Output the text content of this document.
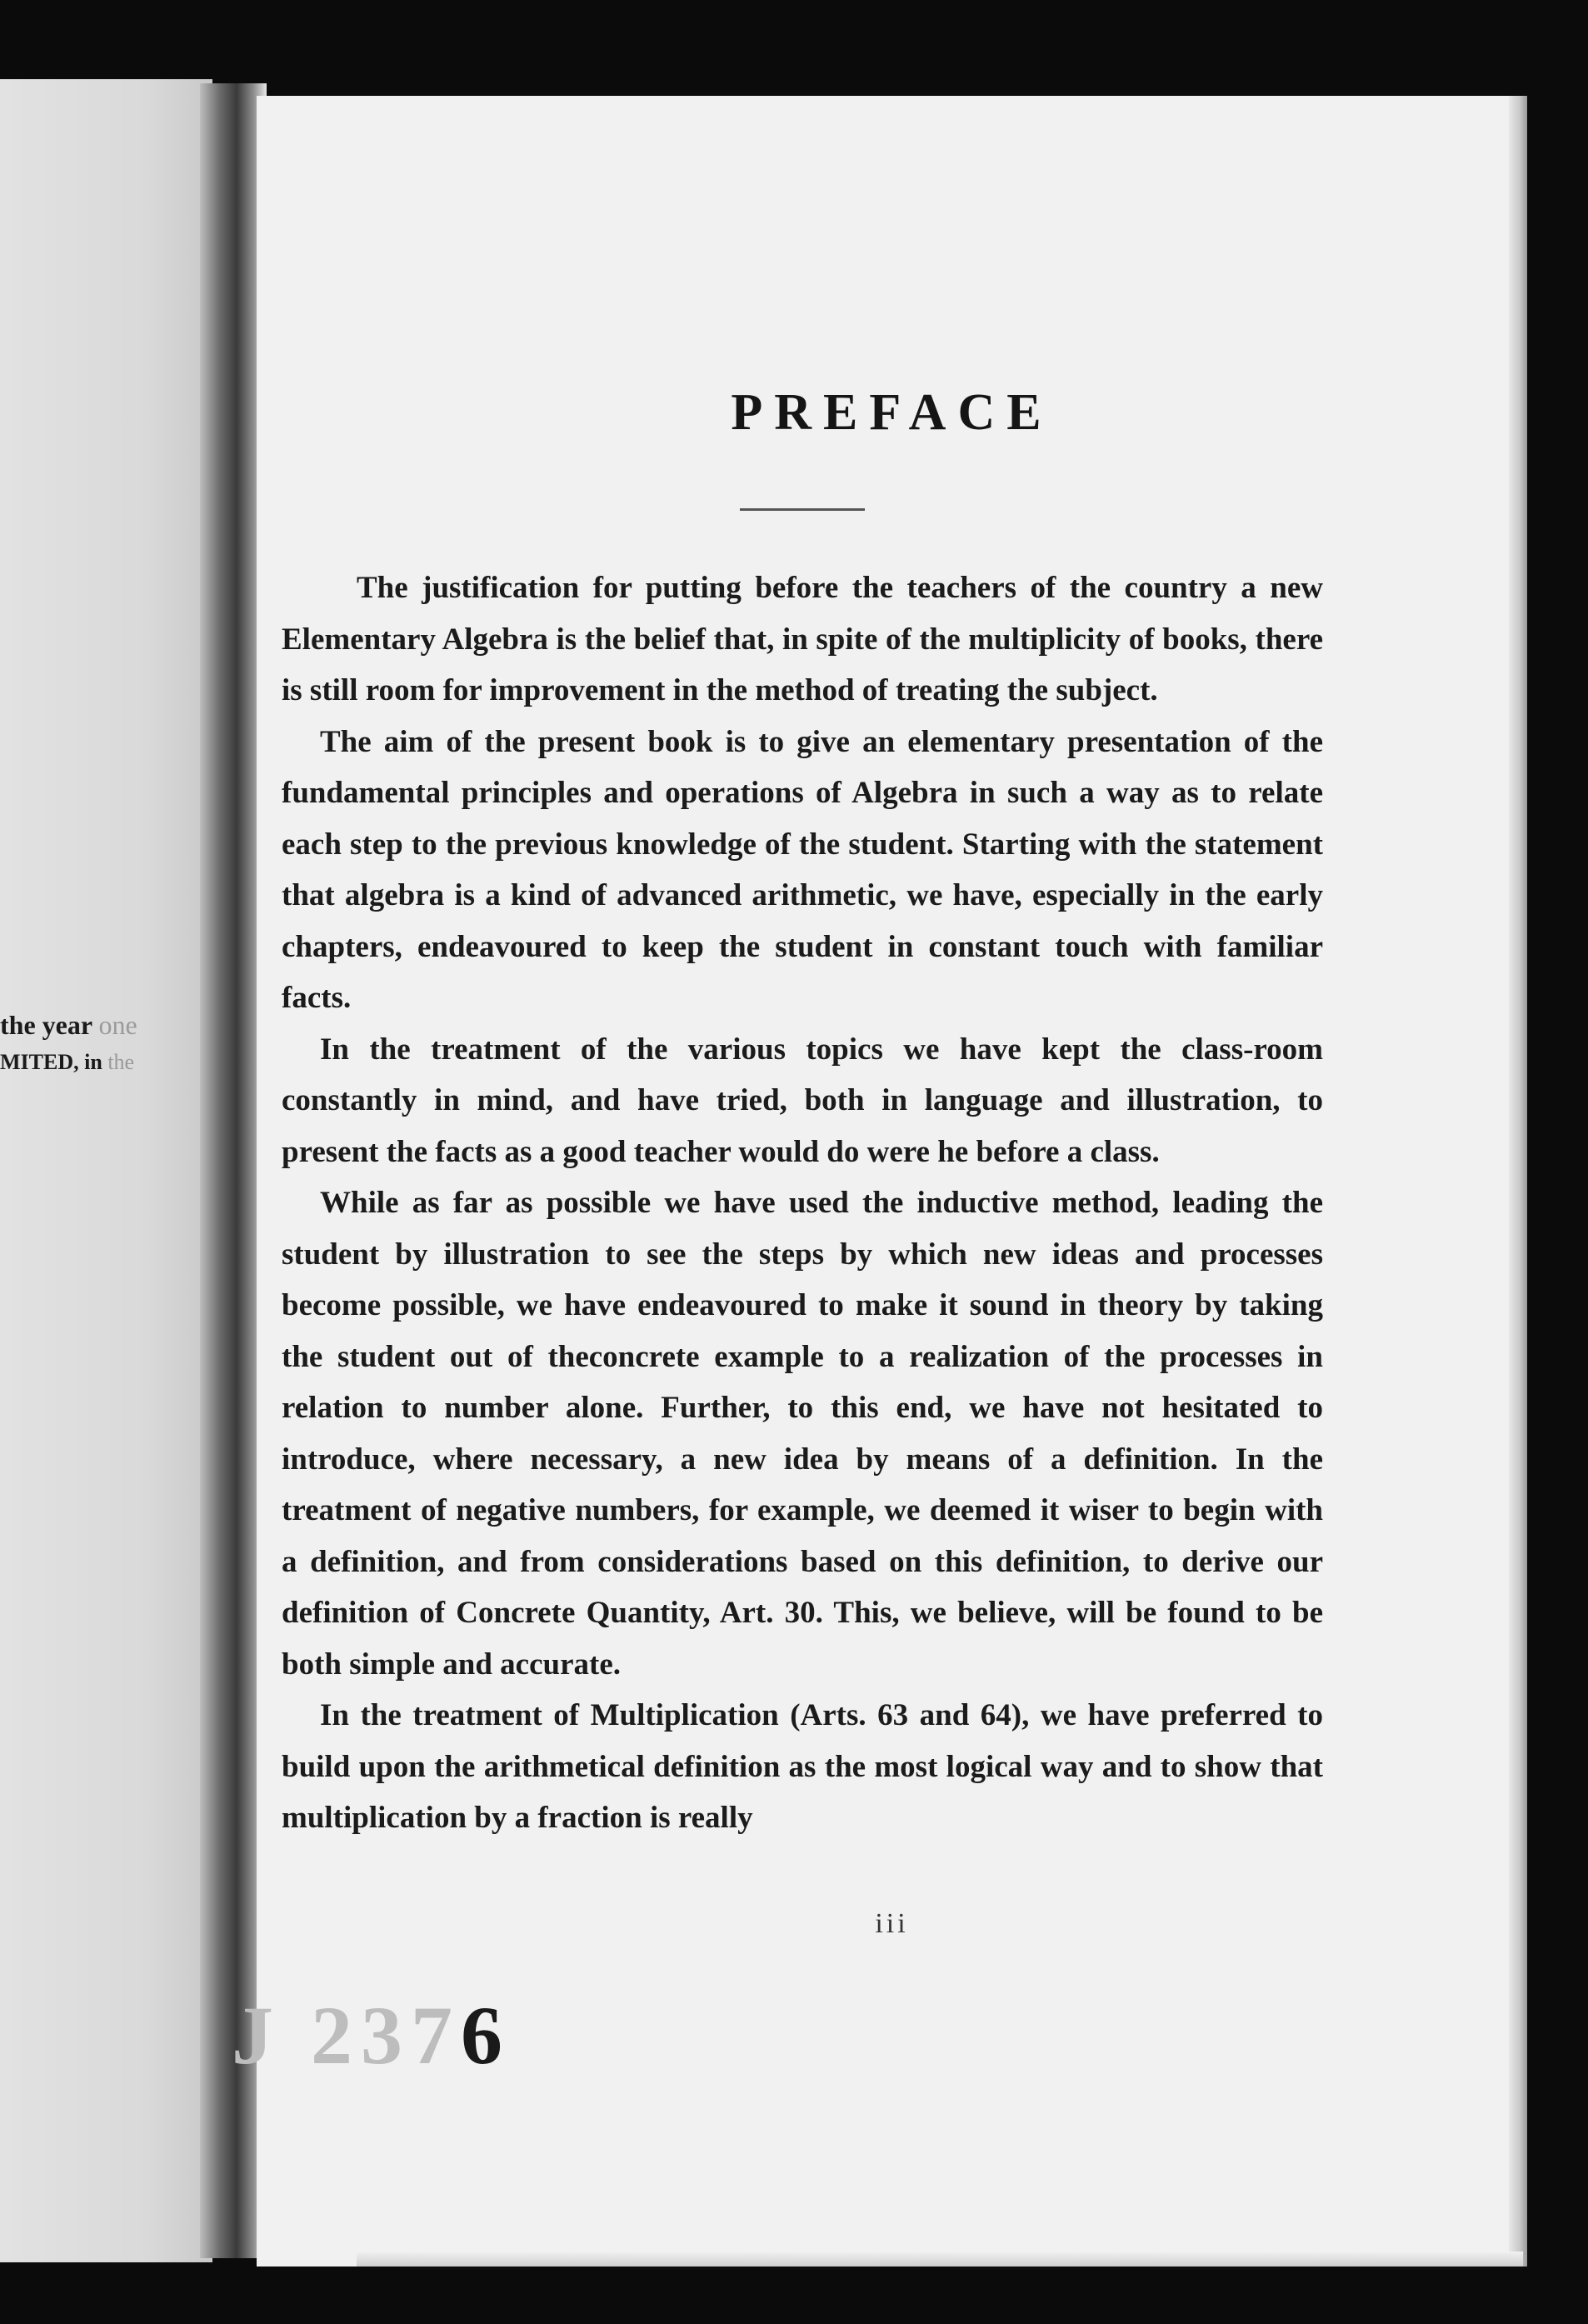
the year one
MITED, in the
PREFACE

The justification for putting before the teachers of the country a new Elementary Algebra is the belief that, in spite of the multiplicity of books, there is still room for improvement in the method of treating the subject.

The aim of the present book is to give an elementary presentation of the fundamental principles and operations of Algebra in such a way as to relate each step to the previous knowledge of the student. Starting with the statement that algebra is a kind of advanced arithmetic, we have, especially in the early chapters, endeavoured to keep the student in constant touch with familiar facts.

In the treatment of the various topics we have kept the class-room constantly in mind, and have tried, both in language and illustration, to present the facts as a good teacher would do were he before a class.

While as far as possible we have used the inductive method, leading the student by illustration to see the steps by which new ideas and processes become possible, we have endeavoured to make it sound in theory by taking the student out of theconcrete example to a realization of the processes in relation to number alone. Further, to this end, we have not hesitated to introduce, where necessary, a new idea by means of a definition. In the treatment of negative numbers, for example, we deemed it wiser to begin with a definition, and from considerations based on this definition, to derive our definition of Concrete Quantity, Art. 30. This, we believe, will be found to be both simple and accurate.

In the treatment of Multiplication (Arts. 63 and 64), we have preferred to build upon the arithmetical definition as the most logical way and to show that multiplication by a fraction is really

iii
J 2376
